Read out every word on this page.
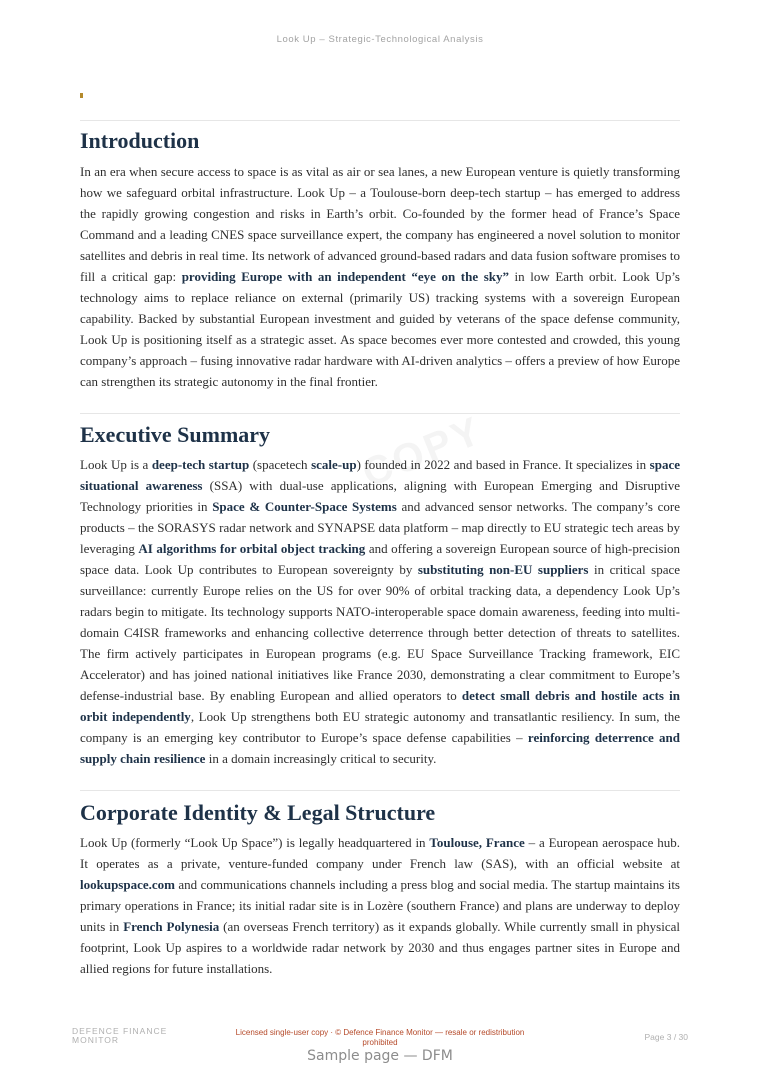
Look Up – Strategic-Technological Analysis
Introduction

In an era when secure access to space is as vital as air or sea lanes, a new European venture is quietly transforming how we safeguard orbital infrastructure. Look Up – a Toulouse-born deep-tech startup – has emerged to address the rapidly growing congestion and risks in Earth’s orbit. Co-founded by the former head of France’s Space Command and a leading CNES space surveillance expert, the company has engineered a novel solution to monitor satellites and debris in real time. Its network of advanced ground-based radars and data fusion software promises to fill a critical gap: providing Europe with an independent “eye on the sky” in low Earth orbit. Look Up’s technology aims to replace reliance on external (primarily US) tracking systems with a sovereign European capability. Backed by substantial European investment and guided by veterans of the space defense community, Look Up is positioning itself as a strategic asset. As space becomes ever more contested and crowded, this young company’s approach – fusing innovative radar hardware with AI-driven analytics – offers a preview of how Europe can strengthen its strategic autonomy in the final frontier.

Executive Summary

Look Up is a deep-tech startup (spacetech scale-up) founded in 2022 and based in France. It specializes in space situational awareness (SSA) with dual-use applications, aligning with European Emerging and Disruptive Technology priorities in Space & Counter-Space Systems and advanced sensor networks. The company’s core products – the SORASYS radar network and SYNAPSE data platform – map directly to EU strategic tech areas by leveraging AI algorithms for orbital object tracking and offering a sovereign European source of high-precision space data. Look Up contributes to European sovereignty by substituting non-EU suppliers in critical space surveillance: currently Europe relies on the US for over 90% of orbital tracking data, a dependency Look Up’s radars begin to mitigate. Its technology supports NATO-interoperable space domain awareness, feeding into multi-domain C4ISR frameworks and enhancing collective deterrence through better detection of threats to satellites. The firm actively participates in European programs (e.g. EU Space Surveillance Tracking framework, EIC Accelerator) and has joined national initiatives like France 2030, demonstrating a clear commitment to Europe’s defense-industrial base. By enabling European and allied operators to detect small debris and hostile acts in orbit independently, Look Up strengthens both EU strategic autonomy and transatlantic resiliency. In sum, the company is an emerging key contributor to Europe’s space defense capabilities – reinforcing deterrence and supply chain resilience in a domain increasingly critical to security.

Corporate Identity & Legal Structure

Look Up (formerly “Look Up Space”) is legally headquartered in Toulouse, France – a European aerospace hub. It operates as a private, venture-funded company under French law (SAS), with an official website at lookupspace.com and communications channels including a press blog and social media. The startup maintains its primary operations in France; its initial radar site is in Lozère (southern France) and plans are underway to deploy units in French Polynesia (an overseas French territory) as it expands globally. While currently small in physical footprint, Look Up aspires to a worldwide radar network by 2030 and thus engages partner sites in Europe and allied regions for future installations.

DEFENCE FINANCE
MONITOR
Licensed single-user copy · © Defence Finance Monitor — resale or redistribution prohibited
Page 3 / 30
Sample page — DFM
